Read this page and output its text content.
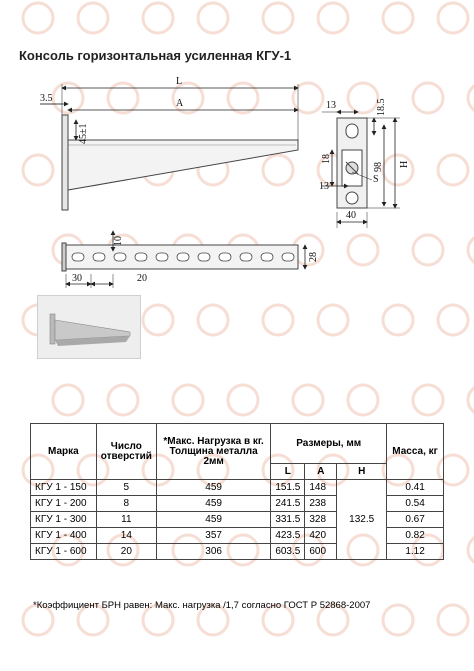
Консоль горизонтальная усиленная КГУ-1
L
A
3.5
45±1
13	18.5
98 H
18
S
13
40
10
28
30	20
Марка	Число отверстий	*Макс. Нагрузка в кг. Толщина металла 2мм	Размеры, мм			Масса, кг
			L	A	H	
КГУ 1 - 150	5	459	151.5	148	132.5	0.41
КГУ 1 - 200	8	459	241.5	238		0.54
КГУ 1 - 300	11	459	331.5	328		0.67
КГУ 1 - 400	14	357	423.5	420		0.82
КГУ 1 - 600	20	306	603.5	600		1.12
*Коэффициент БРН равен: Макс. нагрузка /1,7 согласно ГОСТ Р 52868-2007
